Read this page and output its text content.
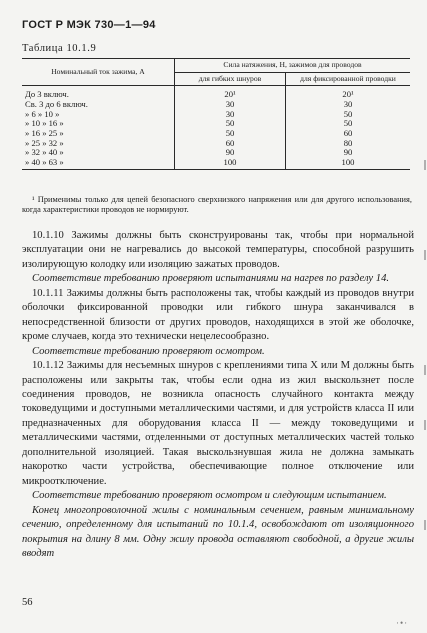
ГОСТ Р МЭК 730—1—94
Таблица 10.1.9
Номинальный ток зажима, А	Сила натяжения, Н, зажимов для проводов	
	для гибких шнуров	для фиксированной проводки
До 3 включ.	20¹	20¹
Св. 3 до 6 включ.	30	30
» 6 » 10 »	30	50
» 10 » 16 »	50	50
» 16 » 25 »	50	60
» 25 » 32 »	60	80
» 32 » 40 »	90	90
» 40 » 63 »	100	100
¹ Применимы только для цепей безопасного сверхнизкого напряжения или для другого использования, когда характеристики проводов не нормируют.

10.1.10 Зажимы должны быть сконструированы так, чтобы при нормальной эксплуатации они не нагревались до высокой температуры, способной разрушить изолирующую колодку или изоляцию зажатых проводов.

Соответствие требованию проверяют испытаниями на нагрев по разделу 14.

10.1.11 Зажимы должны быть расположены так, чтобы каждый из проводов внутри оболочки фиксированной проводки или гибкого шнура заканчивался в непосредственной близости от других проводов, находящихся в этой же оболочке, кроме случаев, когда это технически нецелесообразно.

Соответствие требованию проверяют осмотром.

10.1.12 Зажимы для несъемных шнуров с креплениями типа X или M должны быть расположены или закрыты так, чтобы если одна из жил выскользнет после соединения проводов, не возникла опасность случайного контакта между токоведущими и доступными металлическими частями, и для устройств класса II или предназначенных для оборудования класса II — между токоведущими и металлическими частями, отделенными от доступных металлических частей только дополнительной изоляцией. Такая выскользнувшая жила не должна замыкать накоротко части устройства, обеспечивающие полное отключение или микроотключение.

Соответствие требованию проверяют осмотром и следующим испытанием.

Конец многопроволочной жилы с номинальным сечением, равным минимальному сечению, определенному для испытаний по 10.1.4, освобождают от изоляционного покрытия на длину 8 мм. Одну жилу провода оставляют свободной, а другие жилы вводят

56
·•·
